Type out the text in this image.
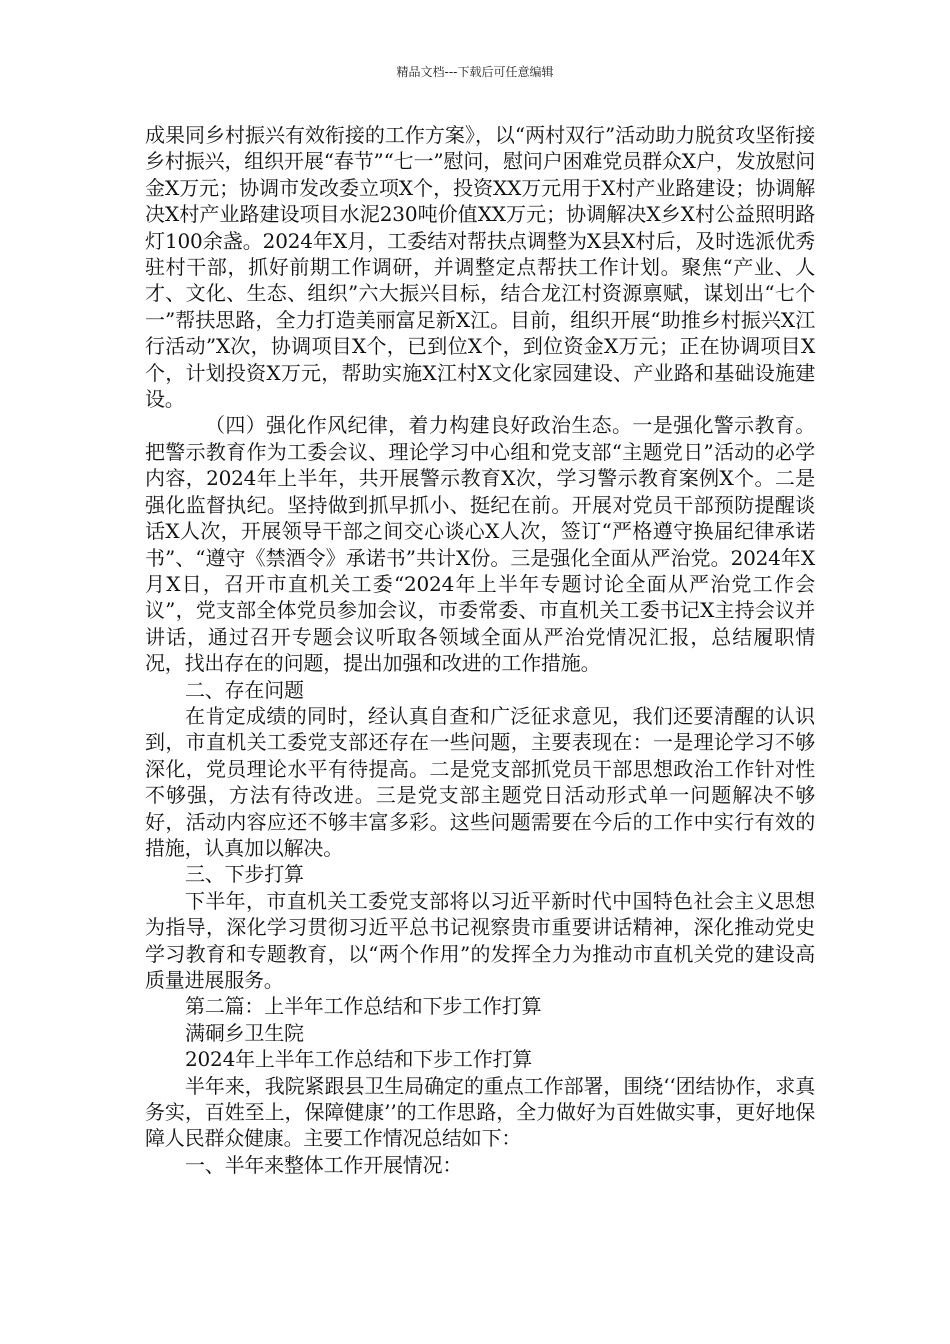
精品文档---下载后可任意编辑

成果同乡村振兴有效衔接的工作方案》，以“两村双行”活动助力脱贫攻坚衔接乡村振兴，组织开展“春节”“七一”慰问，慰问户困难党员群众X户，发放慰问金X万元；协调市发改委立项X个，投资XX万元用于X村产业路建设；协调解决X村产业路建设项目水泥230吨价值XX万元；协调解决X乡X村公益照明路灯100余盏。2024年X月，工委结对帮扶点调整为X县X村后，及时选派优秀驻村干部，抓好前期工作调研，并调整定点帮扶工作计划。聚焦“产业、人才、文化、生态、组织”六大振兴目标，结合龙江村资源禀赋，谋划出“七个一”帮扶思路，全力打造美丽富足新X江。目前，组织开展“助推乡村振兴X江行活动”X次，协调项目X个，已到位X个，到位资金X万元；正在协调项目X个，计划投资X万元，帮助实施X江村X文化家园建设、产业路和基础设施建设。

（四）强化作风纪律，着力构建良好政治生态。一是强化警示教育。把警示教育作为工委会议、理论学习中心组和党支部“主题党日”活动的必学内容，2024年上半年，共开展警示教育X次，学习警示教育案例X个。二是强化监督执纪。坚持做到抓早抓小、挺纪在前。开展对党员干部预防提醒谈话X人次，开展领导干部之间交心谈心X人次，签订“严格遵守换届纪律承诺书”、“遵守《禁酒令》承诺书”共计X份。三是强化全面从严治党。2024年X月X日，召开市直机关工委“2024年上半年专题讨论全面从严治党工作会议”，党支部全体党员参加会议，市委常委、市直机关工委书记X主持会议并讲话，通过召开专题会议听取各领域全面从严治党情况汇报，总结履职情况，找出存在的问题，提出加强和改进的工作措施。

二、存在问题

在肯定成绩的同时，经认真自查和广泛征求意见，我们还要清醒的认识到，市直机关工委党支部还存在一些问题，主要表现在：一是理论学习不够深化，党员理论水平有待提高。二是党支部抓党员干部思想政治工作针对性不够强，方法有待改进。三是党支部主题党日活动形式单一问题解决不够好，活动内容应还不够丰富多彩。这些问题需要在今后的工作中实行有效的措施，认真加以解决。

三、下步打算

下半年，市直机关工委党支部将以习近平新时代中国特色社会主义思想为指导，深化学习贯彻习近平总书记视察贵市重要讲话精神，深化推动党史学习教育和专题教育，以“两个作用”的发挥全力为推动市直机关党的建设高质量进展服务。

第二篇：上半年工作总结和下步工作打算

满硐乡卫生院

2024年上半年工作总结和下步工作打算

半年来，我院紧跟县卫生局确定的重点工作部署，围绕‘‘团结协作，求真务实，百姓至上，保障健康’’的工作思路，全力做好为百姓做实事，更好地保障人民群众健康。主要工作情况总结如下：

一、半年来整体工作开展情况：
